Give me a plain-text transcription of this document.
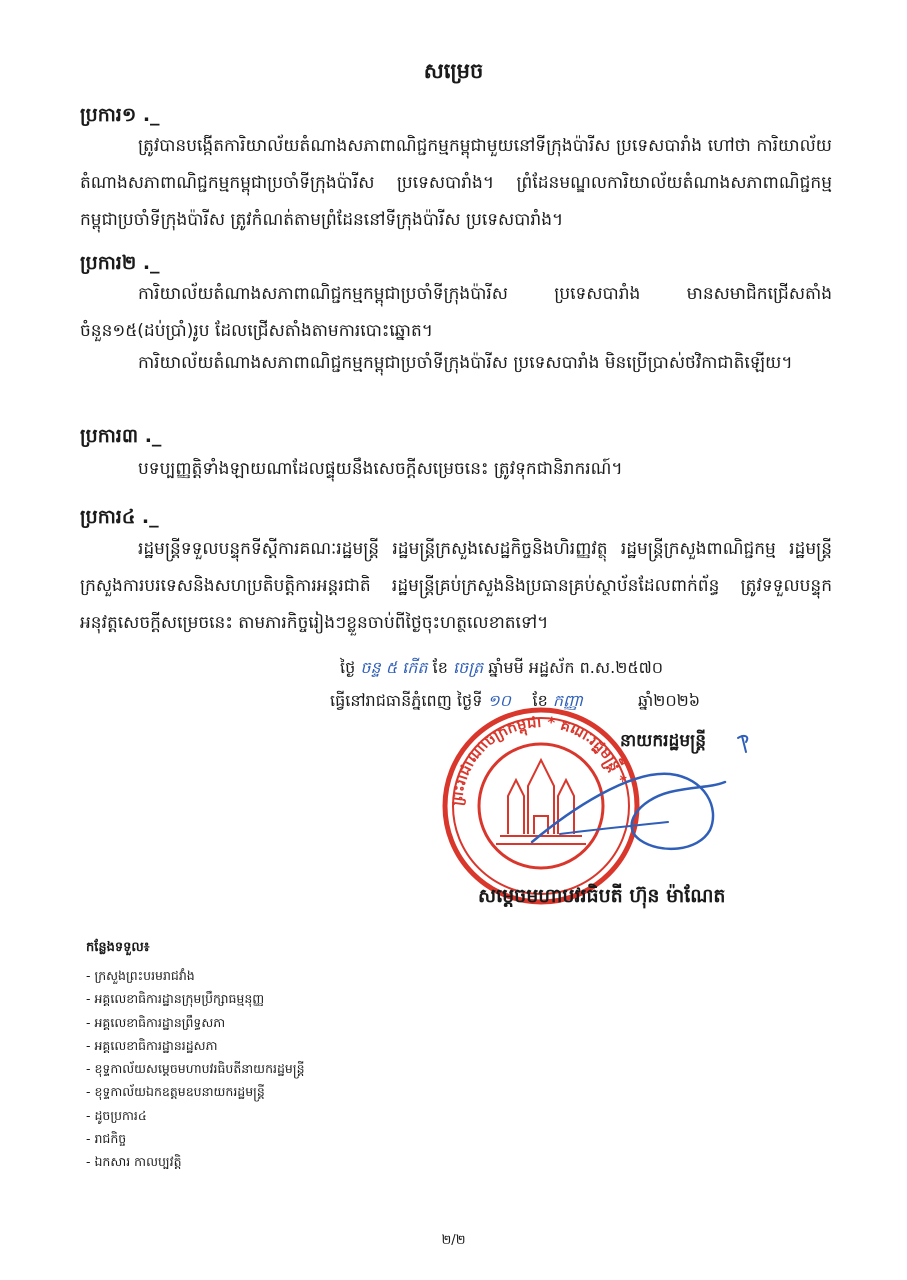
សម្រេច
ប្រការ១ ._
ត្រូវបានបង្កើតការិយាល័យតំណាងសភាពាណិជ្ជកម្មកម្ពុជាមួយនៅទីក្រុងប៉ារីស ប្រទេសបារាំង ហៅថា ការិយាល័យតំណាងសភាពាណិជ្ជកម្មកម្ពុជាប្រចាំទីក្រុងប៉ារីស ប្រទេសបារាំង។ ព្រំដែនមណ្ឌលការិយាល័យតំណាងសភាពាណិជ្ជកម្មកម្ពុជាប្រចាំទីក្រុងប៉ារីស ត្រូវកំណត់តាមព្រំដែននៅទីក្រុងប៉ារីស ប្រទេសបារាំង។
ប្រការ២ ._
ការិយាល័យតំណាងសភាពាណិជ្ជកម្មកម្ពុជាប្រចាំទីក្រុងប៉ារីស ប្រទេសបារាំង មានសមាជិកជ្រើសតាំងចំនួន១៥(ដប់ប្រាំ)រូប ដែលជ្រើសតាំងតាមការបោះឆ្នោត។
ការិយាល័យតំណាងសភាពាណិជ្ជកម្មកម្ពុជាប្រចាំទីក្រុងប៉ារីស ប្រទេសបារាំង មិនប្រើប្រាស់ថវិកាជាតិឡើយ។
ប្រការ៣ ._
បទប្បញ្ញត្តិទាំងឡាយណាដែលផ្ទុយនឹងសេចក្តីសម្រេចនេះ ត្រូវទុកជានិរាករណ៍។
ប្រការ៤ ._
រដ្ឋមន្ត្រីទទួលបន្ទុកទីស្តីការគណៈរដ្ឋមន្ត្រី រដ្ឋមន្ត្រីក្រសួងសេដ្ឋកិច្ចនិងហិរញ្ញវត្ថុ រដ្ឋមន្ត្រីក្រសួងពាណិជ្ជកម្ម រដ្ឋមន្ត្រីក្រសួងការបរទេសនិងសហប្រតិបត្តិការអន្តរជាតិ រដ្ឋមន្ត្រីគ្រប់ក្រសួងនិងប្រធានគ្រប់ស្ថាប័នដែលពាក់ព័ន្ធ ត្រូវទទួលបន្ទុកអនុវត្តសេចក្តីសម្រេចនេះ តាមភារកិច្ចរៀងៗខ្លួនចាប់ពីថ្ងៃចុះហត្ថលេខាតទៅ។
ថ្ងៃ ចន្ទ ៥ កើត ខែ ចេត្រ ឆ្នាំមមី អដ្ឋស័ក ព.ស.២៥៧០
ធ្វើនៅរាជធានីភ្នំពេញ ថ្ងៃទី ១០ ខែ កញ្ញា	ឆ្នាំ២០២៦
ព្រះរាជាណាចក្រកម្ពុជា * គណៈរដ្ឋមន្ត្រី *
នាយករដ្ឋមន្ត្រី
សម្តេចមហាបវរធិបតី ហ៊ុន ម៉ាណែត
កន្លែងទទួល៖
- ក្រសួងព្រះបរមរាជវាំង
- អគ្គលេខាធិការដ្ឋានក្រុមប្រឹក្សាធម្មនុញ្ញ
- អគ្គលេខាធិការដ្ឋានព្រឹទ្ធសភា
- អគ្គលេខាធិការដ្ឋានរដ្ឋសភា
- ខុទ្ទកាល័យសម្តេចមហាបវរធិបតីនាយករដ្ឋមន្ត្រី
- ខុទ្ទកាល័យឯកឧត្តមឧបនាយករដ្ឋមន្ត្រី
- ដូចប្រការ៤
- រាជកិច្ច
- ឯកសារ កាលប្បវត្តិ
២/២
